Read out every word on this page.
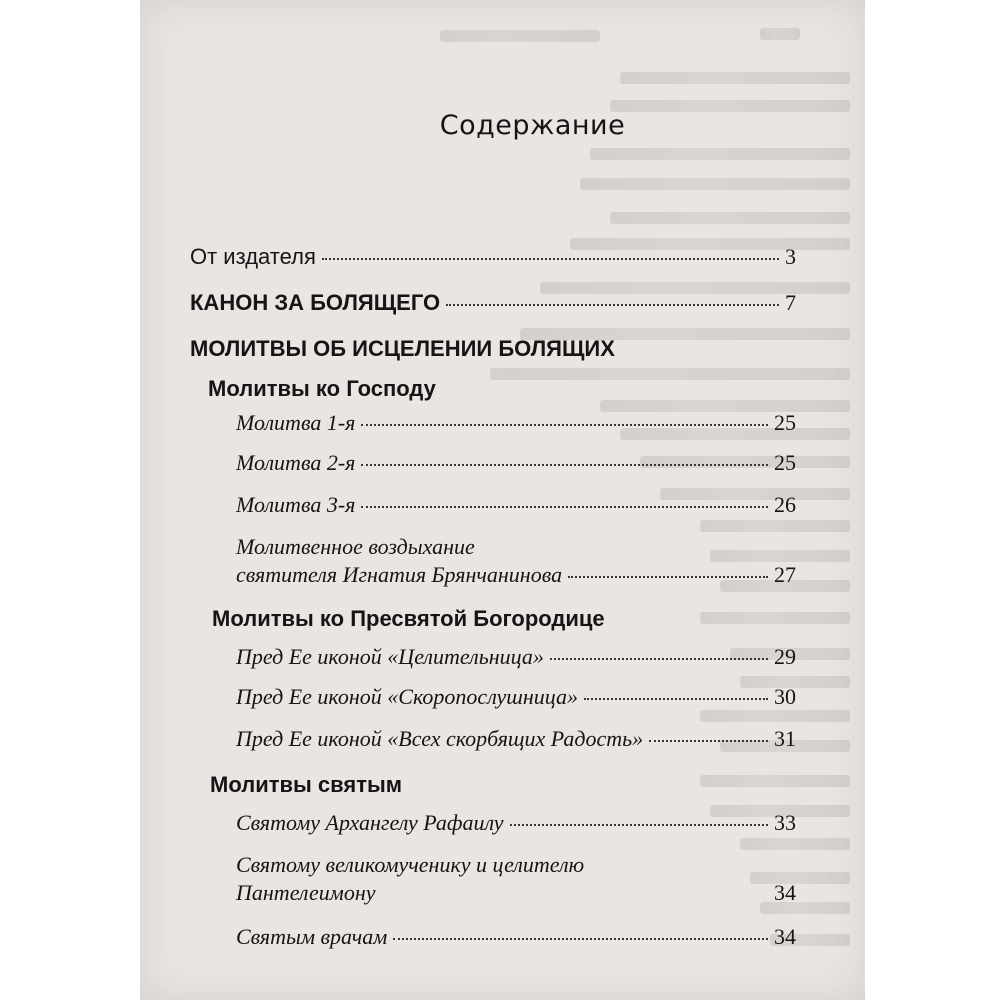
Содержание
От издателя	3
КАНОН ЗА БОЛЯЩЕГО	7
МОЛИТВЫ ОБ ИСЦЕЛЕНИИ БОЛЯЩИХ
Молитвы ко Господу
Молитва 1-я	25
Молитва 2-я	25
Молитва 3-я	26
Молитвенное воздыхание
святителя Игнатия Брянчанинова	27
Молитвы ко Пресвятой Богородице
Пред Ее иконой «Целительница»	29
Пред Ее иконой «Скоропослушница»	30
Пред Ее иконой «Всех скорбящих Радость»	31
Молитвы святым
Святому Архангелу Рафаилу	33
Святому великомученику и целителю
Пантелеимону	34
Святым врачам	34
